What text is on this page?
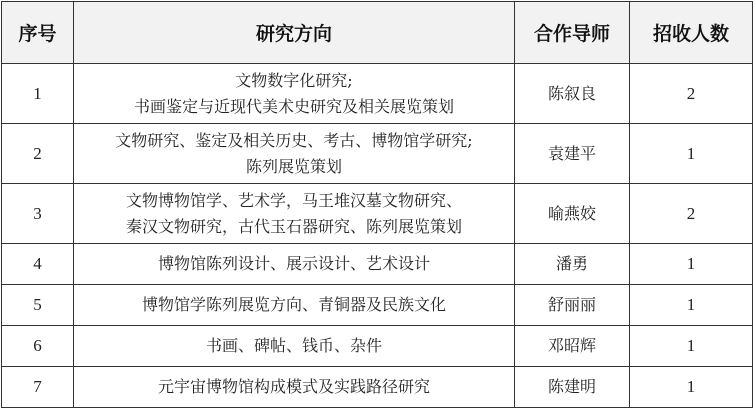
序号	研究方向	合作导师	招收人数
1	文物数字化研究;
书画鉴定与近现代美术史研究及相关展览策划	陈叙良	2
2	文物研究、鉴定及相关历史、考古、博物馆学研究;
陈列展览策划	袁建平	1
3	文物博物馆学、艺术学，马王堆汉墓文物研究、
秦汉文物研究，古代玉石器研究、陈列展览策划	喻燕姣	2
4	博物馆陈列设计、展示设计、艺术设计	潘勇	1
5	博物馆学陈列展览方向、青铜器及民族文化	舒丽丽	1
6	书画、碑帖、钱币、杂件	邓昭辉	1
7	元宇宙博物馆构成模式及实践路径研究	陈建明	1
